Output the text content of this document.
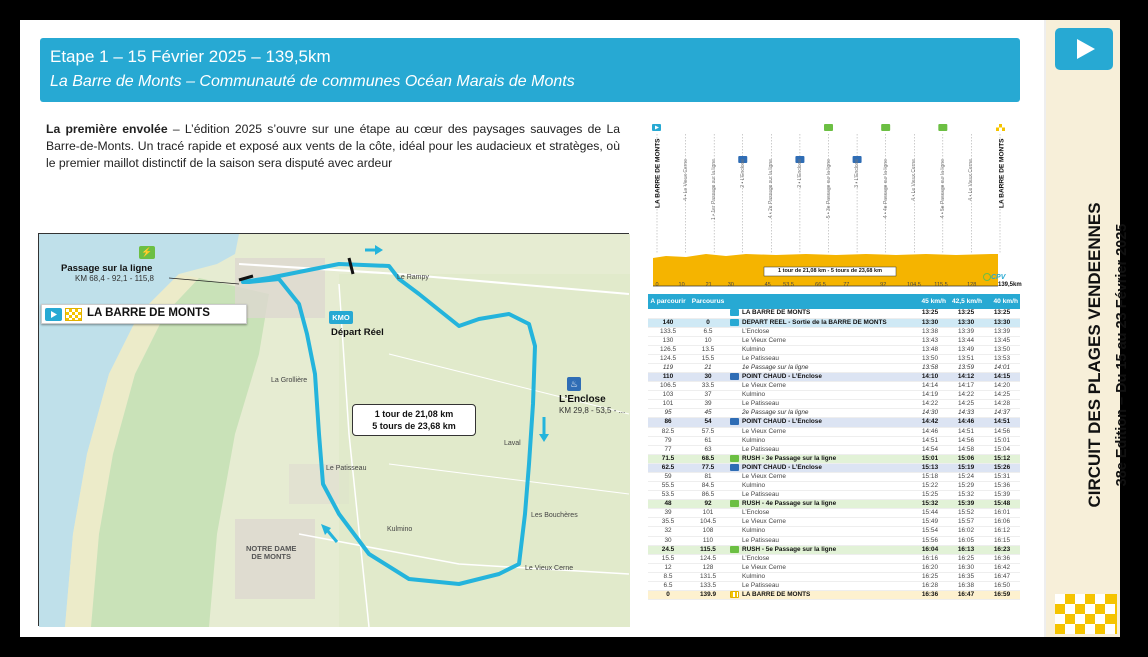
Etape 1 – 15 Février 2025 – 139,5km
La Barre de Monts – Communauté de communes Océan Marais de Monts
La première envolée – L’édition 2025 s’ouvre sur une étape au cœur des paysages sauvages de La Barre-de-Monts. Un tracé rapide et exposé aux vents de la côte, idéal pour les audacieux et stratèges, où le premier maillot distinctif de la saison sera disputé avec ardeur
Le Rampy
La Grollière
Laval
Le Patisseau
Les Bouchères
Kulmino
NOTRE DAME
DE MONTS
Le Vieux Cerne
⚡
Passage sur la ligne
KM 68,4 - 92,1 - 115,8
LA BARRE DE MONTS	KMO
Départ Réel
♨
L’Enclose
KM 29,8 - 53,5 - ...
1 tour de 21,08 km
5 tours de 23,68 km
LA BARRE DE MONTS	LA BARRE DE MONTS
1 tour de 21,08 km - 5 tours de 23,68 km
4 • Le Vieux Cerne	1 • 1er Passage sur la ligne	2 • L’Enclose	4 • 2e Passage sur la ligne	2 • L’Enclose	5 • 3e Passage sur la ligne	3 • L’Enclose	4 • 4e Passage sur la ligne	4 • Le Vieux Cerne	4 • 5e Passage sur la ligne	4 • Le Vieux Cerne
0	10	21	30	45	53.5	66.5	77	92	104.5	115.5	128	139,5km
CPV
A parcourir	Parcourus			45 km/h	42,5 km/h	40 km/h
			LA BARRE DE MONTS	13:25	13:25	13:25
140	0		DEPART REEL - Sortie de la BARRE DE MONTS	13:30	13:30	13:30
133.5	6.5		L’Enclose	13:38	13:39	13:39
130	10		Le Vieux Cerne	13:43	13:44	13:45
126.5	13.5		Kulmino	13:48	13:49	13:50
124.5	15.5		Le Patisseau	13:50	13:51	13:53
119	21		1e Passage sur la ligne	13:58	13:59	14:01
110	30		POINT CHAUD - L’Enclose	14:10	14:12	14:15
106.5	33.5		Le Vieux Cerne	14:14	14:17	14:20
103	37		Kulmino	14:19	14:22	14:25
101	39		Le Patisseau	14:22	14:25	14:28
95	45		2e Passage sur la ligne	14:30	14:33	14:37
86	54		POINT CHAUD - L’Enclose	14:42	14:46	14:51
82.5	57.5		Le Vieux Cerne	14:46	14:51	14:56
79	61		Kulmino	14:51	14:56	15:01
77	63		Le Patisseau	14:54	14:58	15:04
71.5	68.5		RUSH - 3e Passage sur la ligne	15:01	15:06	15:12
62.5	77.5		POINT CHAUD - L’Enclose	15:13	15:19	15:26
59	81		Le Vieux Cerne	15:18	15:24	15:31
55.5	84.5		Kulmino	15:22	15:29	15:36
53.5	86.5		Le Patisseau	15:25	15:32	15:39
48	92		RUSH - 4e Passage sur la ligne	15:32	15:39	15:48
39	101		L’Enclose	15:44	15:52	16:01
35.5	104.5		Le Vieux Cerne	15:49	15:57	16:06
32	108		Kulmino	15:54	16:02	16:12
30	110		Le Patisseau	15:56	16:05	16:15
24.5	115.5		RUSH - 5e Passage sur la ligne	16:04	16:13	16:23
15.5	124.5		L’Enclose	16:16	16:25	16:36
12	128		Le Vieux Cerne	16:20	16:30	16:42
8.5	131.5		Kulmino	16:25	16:35	16:47
6.5	133.5		Le Patisseau	16:28	16:38	16:50
0	139.9		LA BARRE DE MONTS	16:36	16:47	16:59
CIRCUIT DES PLAGES VENDEENNES 38e Edition – Du 15 au 23 Février 2025
